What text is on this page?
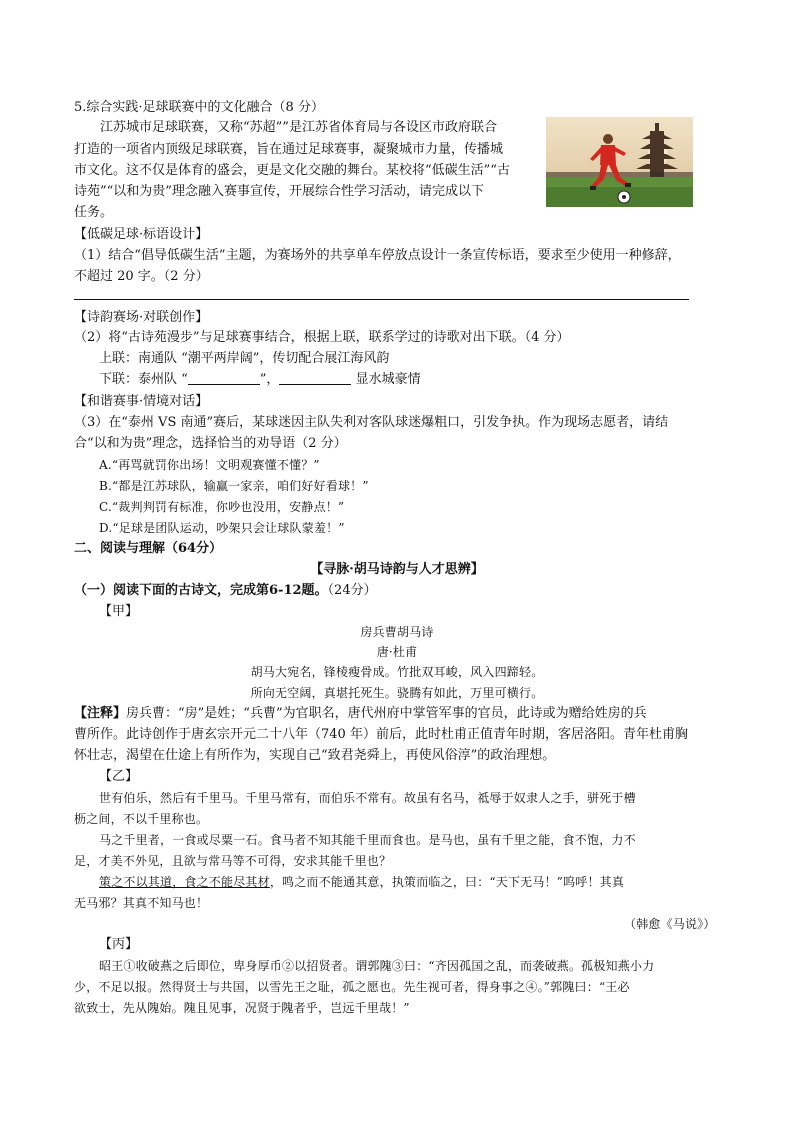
5.综合实践·足球联赛中的文化融合（8 分）
江苏城市足球联赛，又称“苏超””是江苏省体育局与各设区市政府联合
打造的一项省内顶级足球联赛，旨在通过足球赛事，凝聚城市力量，传播城
市文化。这不仅是体育的盛会，更是文化交融的舞台。某校将“低碳生活”“古
诗苑”“以和为贵”理念融入赛事宣传，开展综合性学习活动，请完成以下
任务。
【低碳足球·标语设计】
（1）结合“倡导低碳生活”主题，为赛场外的共享单车停放点设计一条宣传标语，要求至少使用一种修辞，
不超过 20 字。（2 分）
【诗韵赛场·对联创作】
（2）将“古诗苑漫步”与足球赛事结合，根据上联，联系学过的诗歌对出下联。（4 分）
上联：南通队 “潮平两岸阔”，传切配合展江海风韵
下联：泰州队 “	”，	显水城豪情
【和谐赛事·情境对话】
（3）在“泰州 VS 南通”赛后，某球迷因主队失利对客队球迷爆粗口，引发争执。作为现场志愿者，请结
合“以和为贵”理念，选择恰当的劝导语（2 分）
A.“再骂就罚你出场！文明观赛懂不懂？”
B.“都是江苏球队，输赢一家亲，咱们好好看球！”
C.“裁判判罚有标准，你吵也没用，安静点！”
D.“足球是团队运动，吵架只会让球队蒙羞！”
二、阅读与理解（64分）
【寻脉·胡马诗韵与人才思辨】
（一）阅读下面的古诗文，完成第6-12题。（24分）
【甲】
房兵曹胡马诗
唐·杜甫
胡马大宛名，锋棱瘦骨成。竹批双耳峻，风入四蹄轻。
所向无空阔，真堪托死生。骁腾有如此，万里可横行。
【注释】房兵曹：“房”是姓；“兵曹”为官职名，唐代州府中掌管军事的官员，此诗或为赠给姓房的兵
曹所作。此诗创作于唐玄宗开元二十八年（740 年）前后，此时杜甫正值青年时期，客居洛阳。青年杜甫胸
怀壮志，渴望在仕途上有所作为，实现自己“致君尧舜上，再使风俗淳”的政治理想。
【乙】
世有伯乐，然后有千里马。千里马常有，而伯乐不常有。故虽有名马，祗辱于奴隶人之手，骈死于槽
枥之间，不以千里称也。
马之千里者，一食或尽粟一石。食马者不知其能千里而食也。是马也，虽有千里之能，食不饱，力不
足，才美不外见，且欲与常马等不可得，安求其能千里也？
策之不以其道，食之不能尽其材，鸣之而不能通其意，执策而临之，曰：“天下无马！”呜呼！其真
无马邪？其真不知马也！
（韩愈《马说》）
【丙】
昭王①收破燕之后即位，卑身厚币②以招贤者。谓郭隗③曰：“齐因孤国之乱，而袭破燕。孤极知燕小力
少，不足以报。然得贤士与共国，以雪先王之耻，孤之愿也。先生视可者，得身事之④。”郭隗曰：“王必
欲致士，先从隗始。隗且见事，况贤于隗者乎，岂远千里哉！”
